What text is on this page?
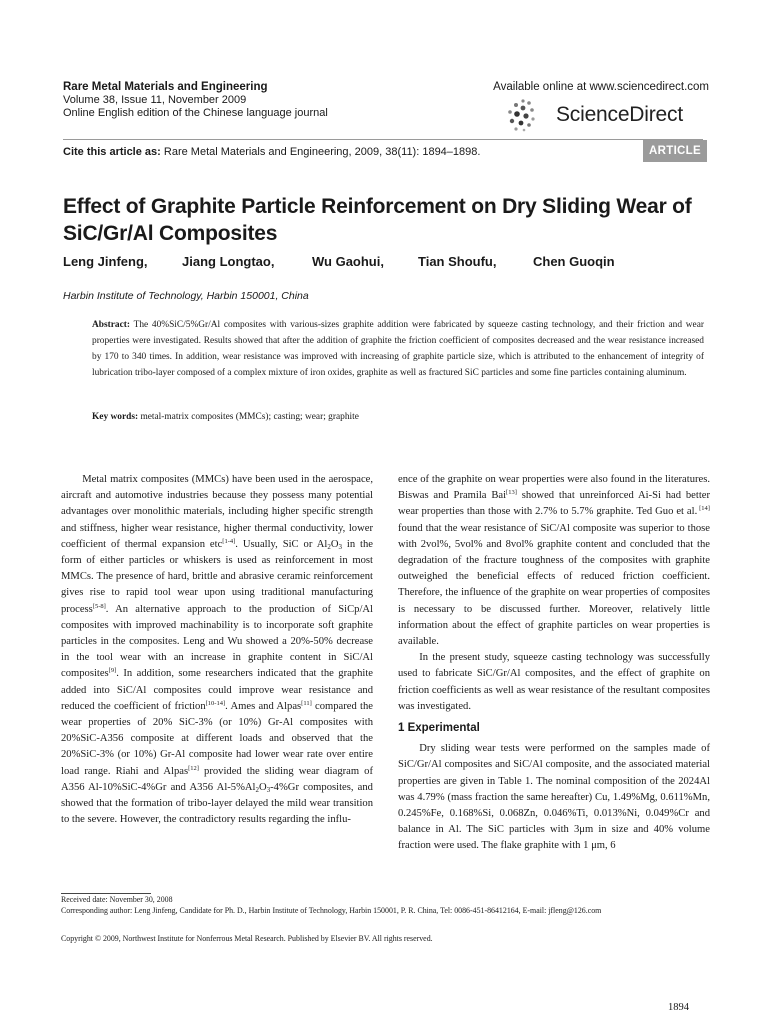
Rare Metal Materials and Engineering
Volume 38, Issue 11, November 2009
Online English edition of the Chinese language journal
Available online at www.sciencedirect.com
ScienceDirect
Cite this article as: Rare Metal Materials and Engineering, 2009, 38(11): 1894–1898.	ARTICLE
Effect of Graphite Particle Reinforcement on Dry Sliding Wear of SiC/Gr/Al Composites
Leng Jinfeng,	Jiang Longtao,	Wu Gaohui,	Tian Shoufu,	Chen Guoqin
Harbin Institute of Technology, Harbin 150001, China
Abstract: The 40%SiC/5%Gr/Al composites with various-sizes graphite addition were fabricated by squeeze casting technology, and their friction and wear properties were investigated. Results showed that after the addition of graphite the friction coefficient of composites decreased and the wear resistance increased by 170 to 340 times. In addition, wear resistance was improved with increasing of graphite particle size, which is attributed to the enhancement of integrity of lubrication tribo-layer composed of a complex mixture of iron oxides, graphite as well as fractured SiC particles and some fine particles containing aluminum.
Key words: metal-matrix composites (MMCs); casting; wear; graphite

Metal matrix composites (MMCs) have been used in the aerospace, aircraft and automotive industries because they possess many potential advantages over monolithic materials, including higher specific strength and stiffness, higher wear resistance, higher thermal conductivity, lower coefficient of thermal expansion etc[1-4]. Usually, SiC or $Al_2O_3$ in the form of either particles or whiskers is used as reinforcement in most MMCs. The presence of hard, brittle and abrasive ceramic reinforcement gives rise to rapid tool wear upon using traditional manufacturing process[5-8]. An alternative approach to the production of SiCp/Al composites with improved machinability is to incorporate soft graphite particles in the composites. Leng and Wu showed a 20%-50% decrease in the tool wear with an increase in graphite content in SiC/Al composites[9]. In addition, some researchers indicated that the graphite added into SiC/Al composites could improve wear resistance and reduced the coefficient of friction[10-14]. Ames and Alpas[11] compared the wear properties of 20% SiC-3% (or 10%) Gr-Al composites with 20%SiC-A356 composite at different loads and observed that the 20%SiC-3% (or 10%) Gr-Al composite had lower wear rate over entire load range. Riahi and Alpas[12] provided the sliding wear diagram of A356 Al-10%SiC-4%Gr and A356 $Al-5\%Al_2O_3-4\%Gr$ composites, and showed that the formation of tribo-layer delayed the mild wear transition to the severe. However, the contradictory results regarding the influ-

ence of the graphite on wear properties were also found in the literatures. Biswas and Pramila Bai[13] showed that unreinforced Ai-Si had better wear properties than those with 2.7% to 5.7% graphite. Ted Guo et al. [14] found that the wear resistance of SiC/Al composite was superior to those with 2vol%, 5vol% and 8vol% graphite content and concluded that the degradation of the fracture toughness of the composites with graphite outweighed the beneficial effects of reduced friction coefficient. Therefore, the influence of the graphite on wear properties of composites is necessary to be discussed further. Moreover, relatively little information about the effect of graphite particles on wear properties is available.

In the present study, squeeze casting technology was successfully used to fabricate SiC/Gr/Al composites, and the effect of graphite on friction coefficients as well as wear resistance of the resultant composites was investigated.

1 Experimental

Dry sliding wear tests were performed on the samples made of SiC/Gr/Al composites and SiC/Al composite, and the associated material properties are given in Table 1. The nominal composition of the 2024Al was 4.79% (mass fraction the same hereafter) Cu, 1.49%Mg, 0.611%Mn, 0.245%Fe, 0.168%Si, 0.068Zn, 0.046%Ti, 0.013%Ni, 0.049%Cr and balance in Al. The SiC particles with 3μm in size and 40% volume fraction were used. The flake graphite with 1 μm, 6

Received date: November 30, 2008

Corresponding author: Leng Jinfeng, Candidate for Ph. D., Harbin Institute of Technology, Harbin 150001, P. R. China, Tel: 0086-451-86412164, E-mail: jfleng@126.com

Copyright © 2009, Northwest Institute for Nonferrous Metal Research. Published by Elsevier BV. All rights reserved.
1894
